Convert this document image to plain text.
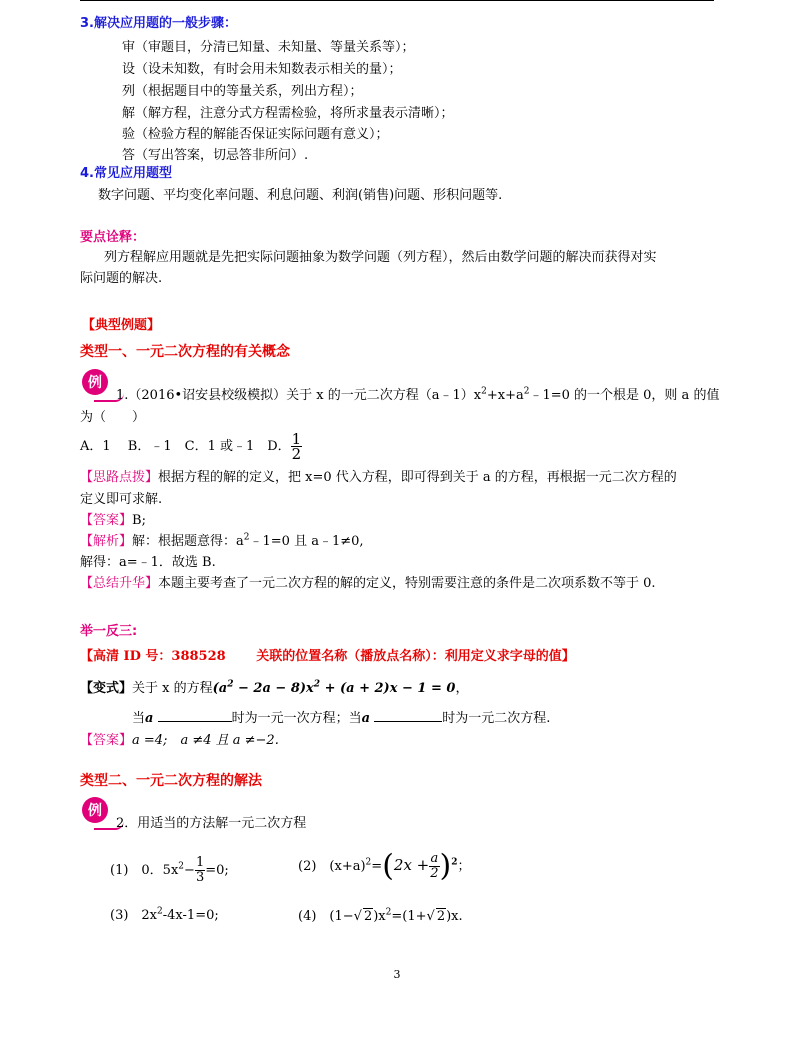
3.解决应用题的一般步骤：
审（审题目，分清已知量、未知量、等量关系等）；
设（设未知数，有时会用未知数表示相关的量）；
列（根据题目中的等量关系，列出方程）；
解（解方程，注意分式方程需检验，将所求量表示清晰）；
验（检验方程的解能否保证实际问题有意义）；
答（写出答案，切忌答非所问）.
4.常见应用题型
数字问题、平均变化率问题、利息问题、利润(销售)问题、形积问题等.
要点诠释：
列方程解应用题就是先把实际问题抽象为数学问题（列方程），然后由数学问题的解决而获得对实
际问题的解决.
【典型例题】
类型一、一元二次方程的有关概念
例
1.（2016•诏安县校级模拟）关于 x 的一元二次方程$(a﹣1)x^2+x+a^2﹣1=0$ 的一个根是 0，则 a 的值
为（　　）
A．1　 B．﹣1　C．1 或﹣1　D． $\frac{1}{2}$
【思路点拨】根据方程的解的定义，把 x=0 代入方程，即可得到关于 a 的方程，再根据一元二次方程的
定义即可求解.
【答案】B;
【解析】解：根据题意得：$a^2﹣1=0$ 且 a﹣1≠0,
解得：a=﹣1．故选 B.
【总结升华】本题主要考查了一元二次方程的解的定义，特别需要注意的条件是二次项系数不等于 0.
举一反三:
【高清 ID 号：388528　　 关联的位置名称（播放点名称）：利用定义求字母的值】
【变式】关于 x 的方程$(a^2 - 2a - 8)x^2 + (a + 2)x - 1 = 0$，
当a	时为一元一次方程；当a	时为一元二次方程.
【答案】a =4;　a ≠4 且 a ≠−2.
类型二、一元二次方程的解法
例
2．用适当的方法解一元二次方程
(1)　0．$5x^2- \frac{1}{3} =0$;	(2)　$(x+a)^2=(2x + \frac{a}{2} )^2$；
(3)　$2x^2-4x-1=0$;	(4)　(1−√ $2)x^2=(1+√$ 2)x.
3
